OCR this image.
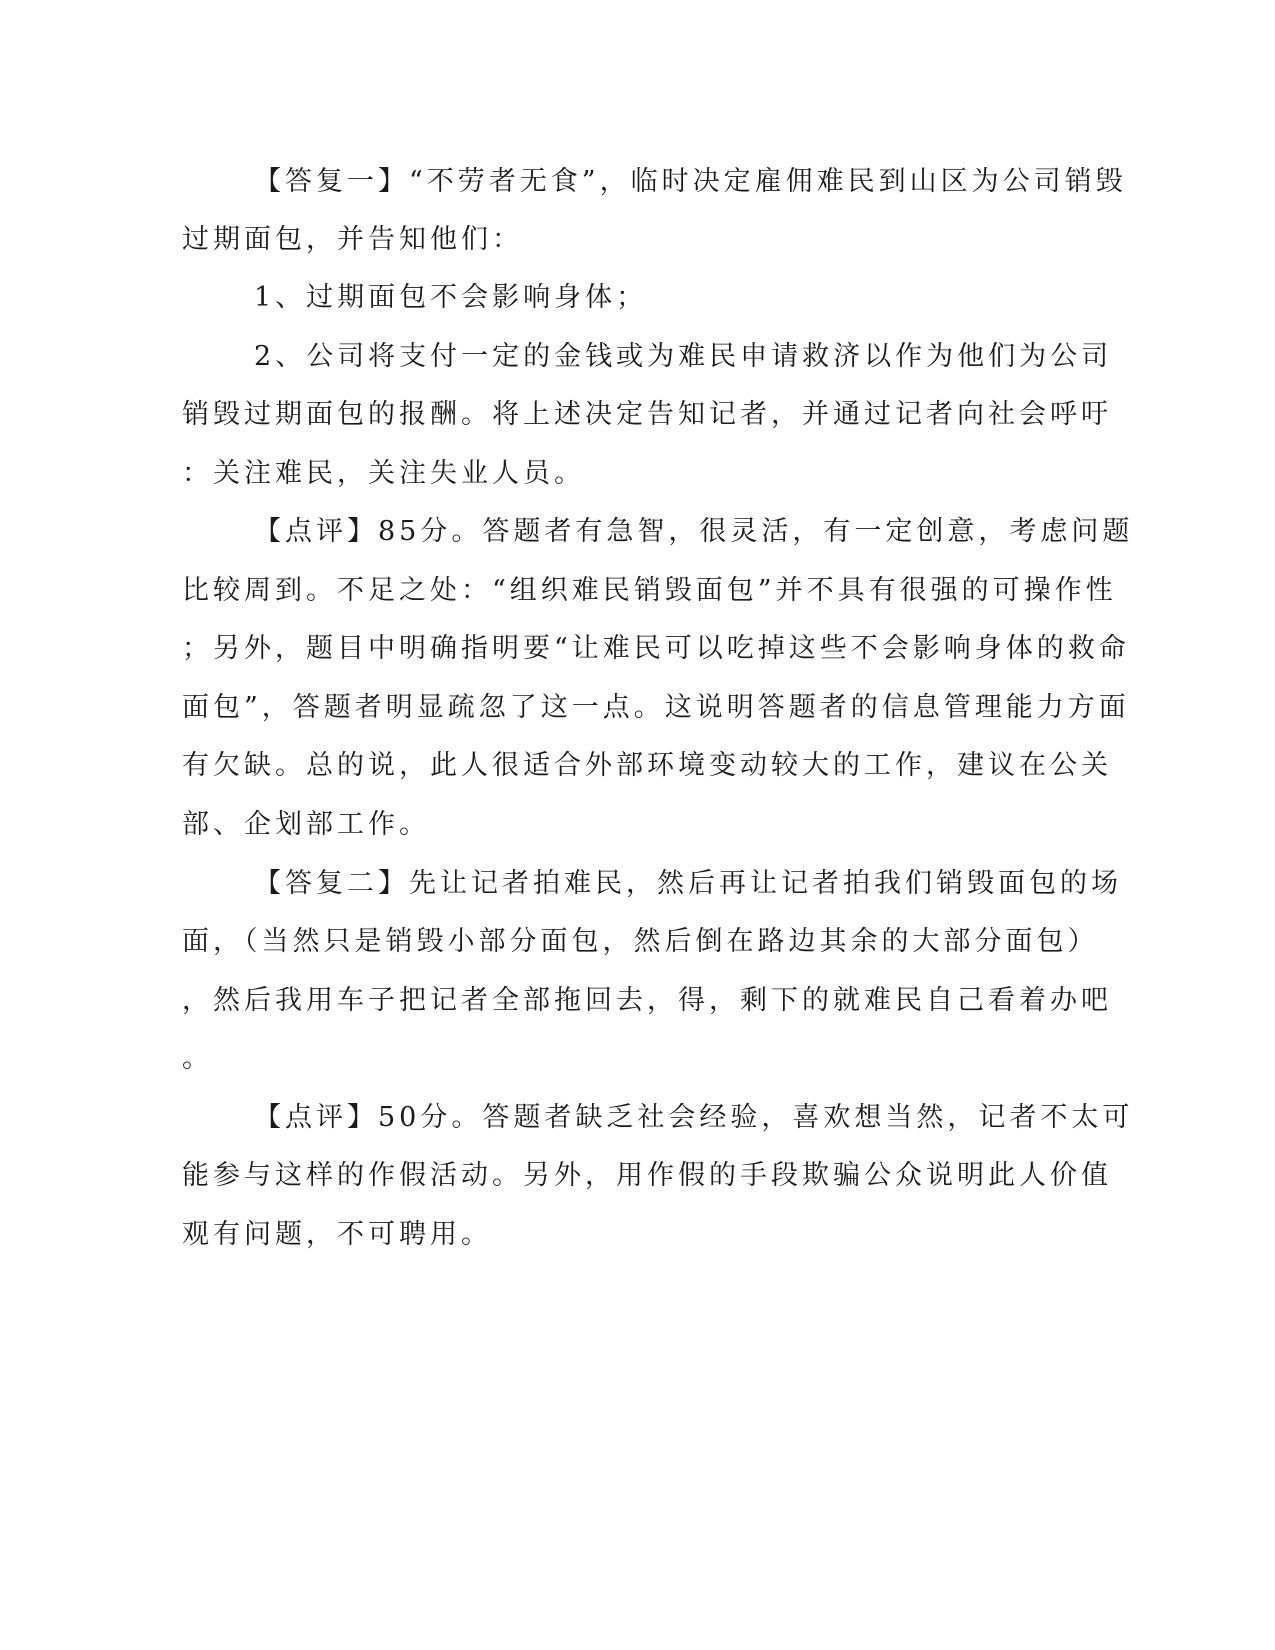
【答复一】“不劳者无食”，临时决定雇佣难民到山区为公司销毁

过期面包，并告知他们：

1、过期面包不会影响身体；

2、公司将支付一定的金钱或为难民申请救济以作为他们为公司

销毁过期面包的报酬。将上述决定告知记者，并通过记者向社会呼吁

：关注难民，关注失业人员。

【点评】85分。答题者有急智，很灵活，有一定创意，考虑问题

比较周到。不足之处：“组织难民销毁面包”并不具有很强的可操作性

；另外，题目中明确指明要“让难民可以吃掉这些不会影响身体的救命

面包”，答题者明显疏忽了这一点。这说明答题者的信息管理能力方面

有欠缺。总的说，此人很适合外部环境变动较大的工作，建议在公关

部、企划部工作。

【答复二】先让记者拍难民，然后再让记者拍我们销毁面包的场

面，（当然只是销毁小部分面包，然后倒在路边其余的大部分面包）

，然后我用车子把记者全部拖回去，得，剩下的就难民自己看着办吧

。

【点评】50分。答题者缺乏社会经验，喜欢想当然，记者不太可

能参与这样的作假活动。另外，用作假的手段欺骗公众说明此人价值

观有问题，不可聘用。
